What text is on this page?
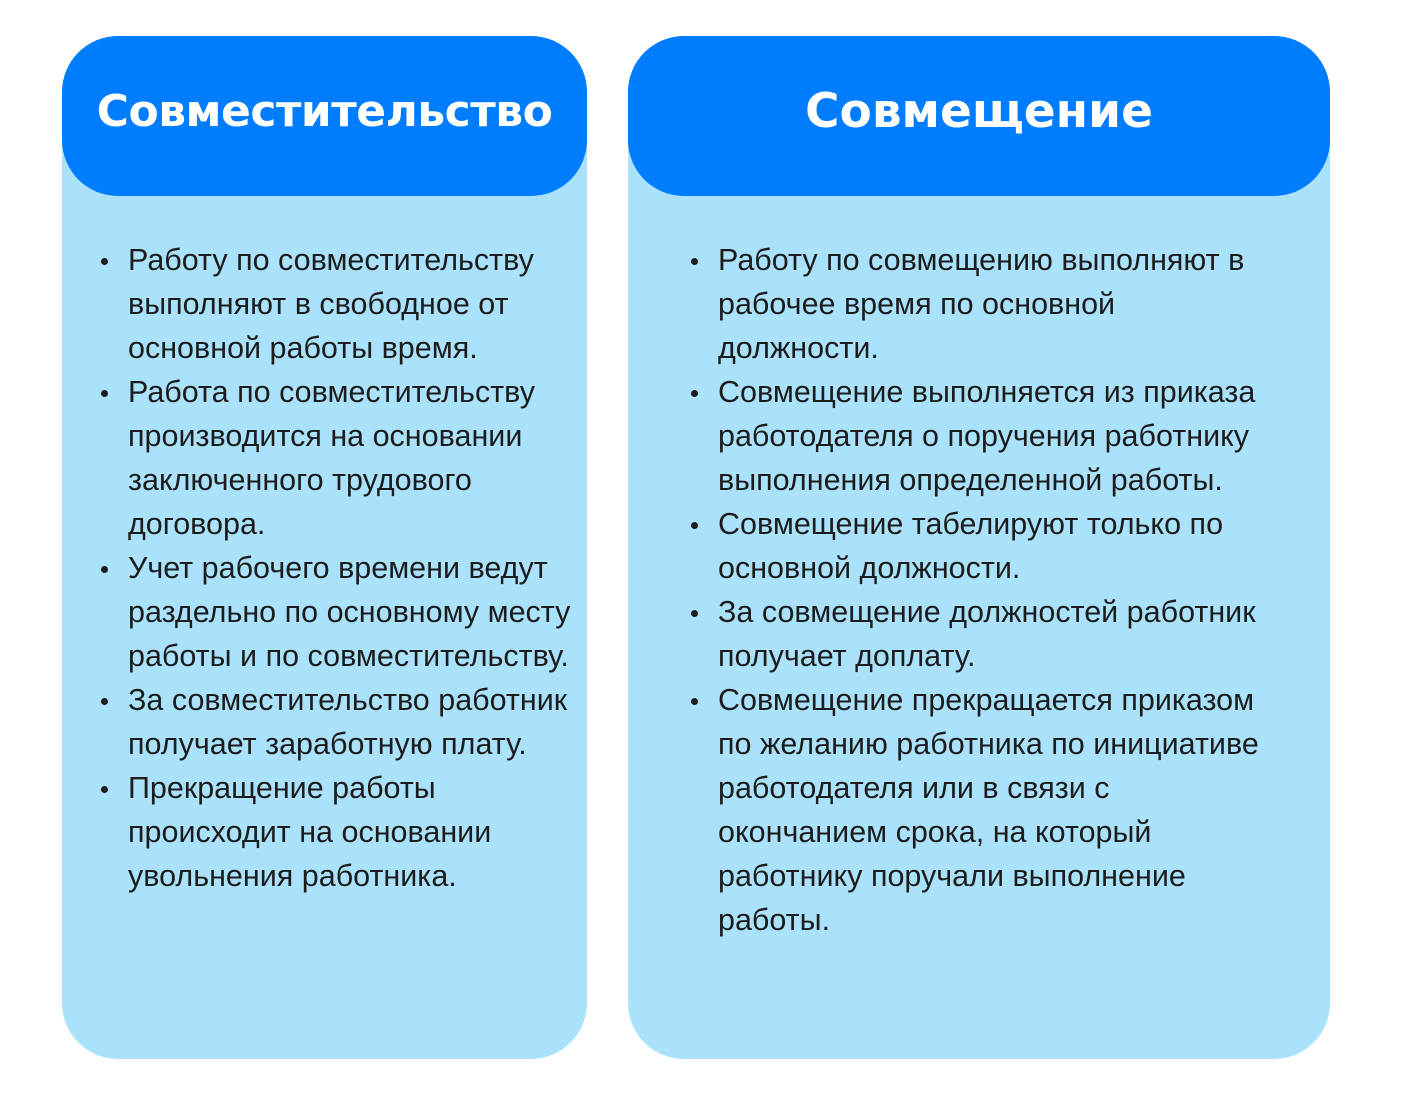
Совместительство
Работу по совместительству выполняют в свободное от основной работы время.
Работа по совместительству производится на основании заключенного трудового договора.
Учет рабочего времени ведут раздельно по основному месту работы и по совместительству.
За совместительство работник получает заработную плату.
Прекращение работы происходит на основании увольнения работника.
Совмещение
Работу по совмещению выполняют в рабочее время по основной должности.
Совмещение выполняется из приказа работодателя о поручения работнику выполнения определенной работы.
Совмещение табелируют только по основной должности.
За совмещение должностей работник получает доплату.
Совмещение прекращается приказом по желанию работника по инициативе работодателя или в связи с окончанием срока, на который работнику поручали выполнение работы.
